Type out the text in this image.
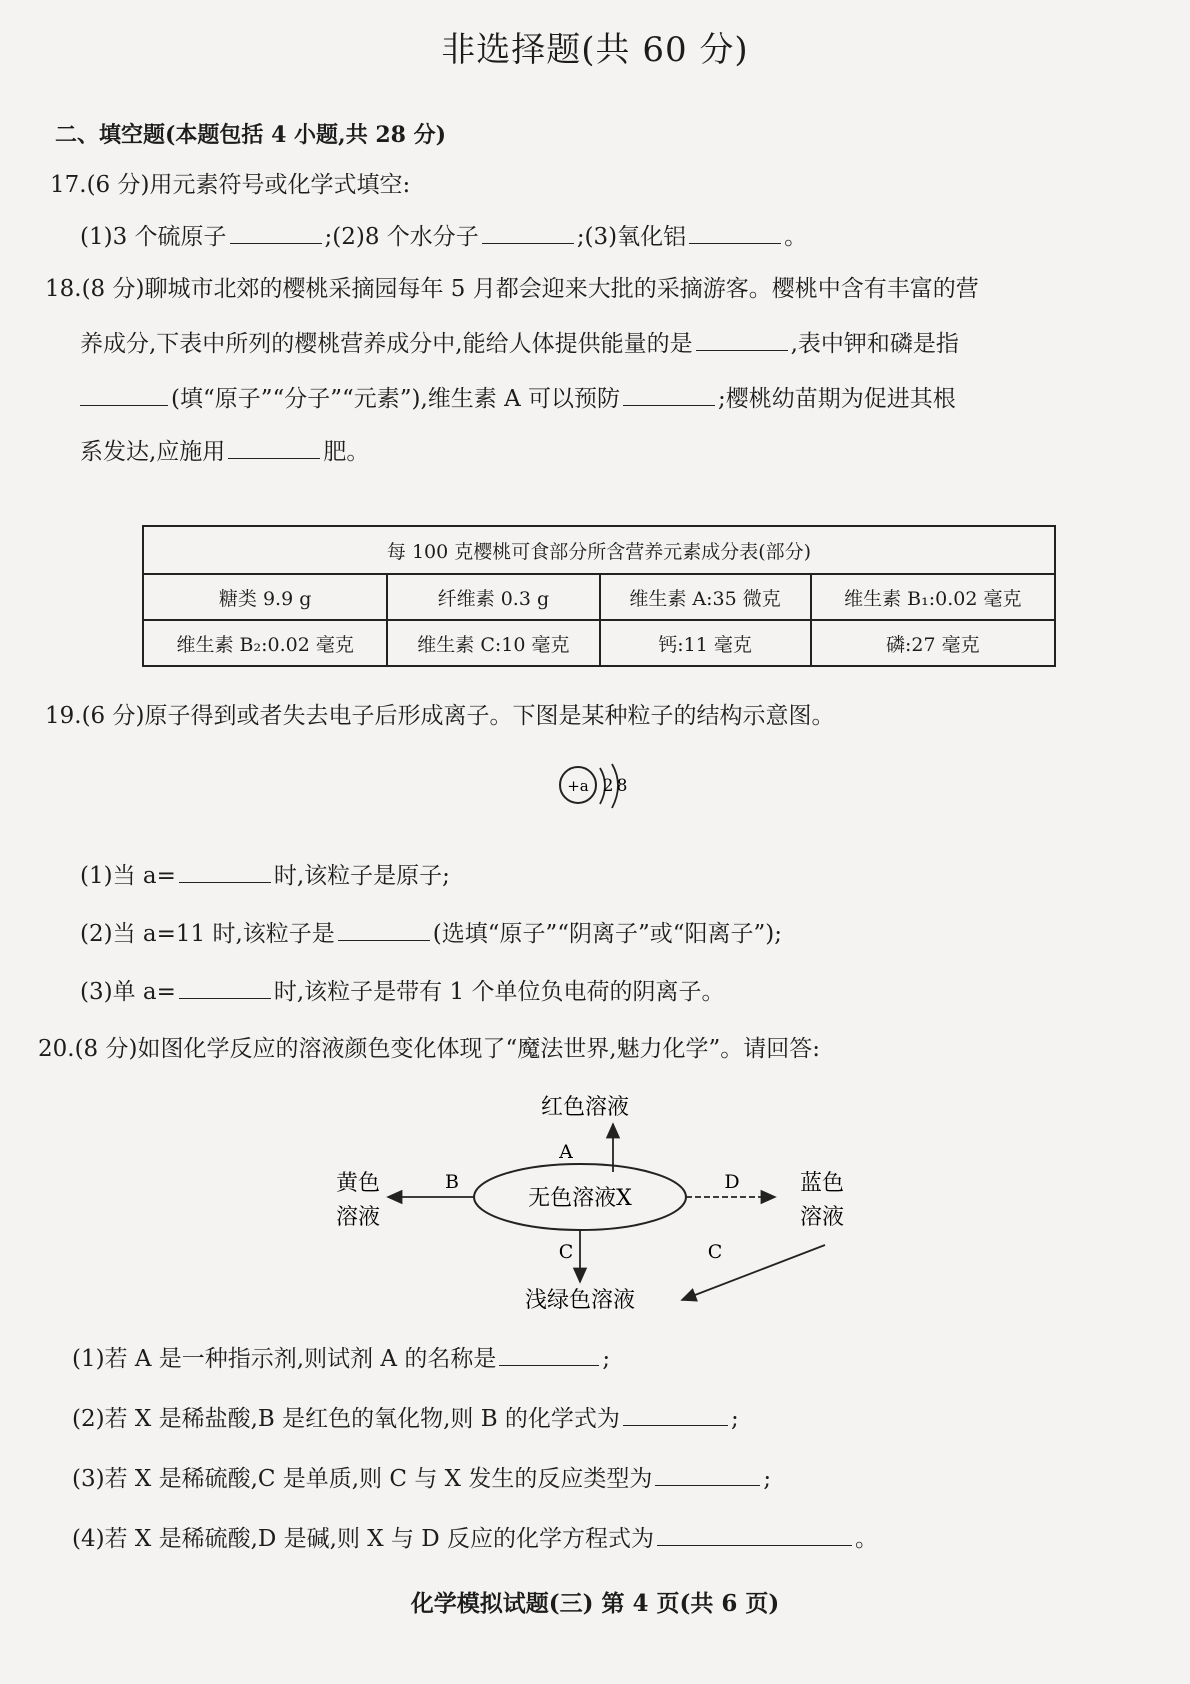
非选择题(共 60 分)
二、填空题(本题包括 4 小题,共 28 分)
17.(6 分)用元素符号或化学式填空:
(1)3 个硫原子	;(2)8 个水分子	;(3)氧化铝	。
18.(8 分)聊城市北郊的樱桃采摘园每年 5 月都会迎来大批的采摘游客。樱桃中含有丰富的营
养成分,下表中所列的樱桃营养成分中,能给人体提供能量的是	,表中钾和磷是指
(填“原子”“分子”“元素”),维生素 A 可以预防	;樱桃幼苗期为促进其根
系发达,应施用	肥。
每 100 克樱桃可食部分所含营养元素成分表(部分)			
糖类 9.9 g	纤维素 0.3 g	维生素 A:35 微克	维生素 B₁:0.02 毫克
维生素 B₂:0.02 毫克	维生素 C:10 毫克	钙:11 毫克	磷:27 毫克
19.(6 分)原子得到或者失去电子后形成离子。下图是某种粒子的结构示意图。
+a 2 8
(1)当 a=	时,该粒子是原子;
(2)当 a=11 时,该粒子是	(选填“原子”“阴离子”或“阳离子”);
(3)单 a=	时,该粒子是带有 1 个单位负电荷的阴离子。
20.(8 分)如图化学反应的溶液颜色变化体现了“魔法世界,魅力化学”。请回答:
红色溶液
A
无色溶液X
B
黄色
溶液
D	蓝色
溶液
C	C
浅绿色溶液
(1)若 A 是一种指示剂,则试剂 A 的名称是	;
(2)若 X 是稀盐酸,B 是红色的氧化物,则 B 的化学式为	;
(3)若 X 是稀硫酸,C 是单质,则 C 与 X 发生的反应类型为	;
(4)若 X 是稀硫酸,D 是碱,则 X 与 D 反应的化学方程式为	。
化学模拟试题(三) 第 4 页(共 6 页)
